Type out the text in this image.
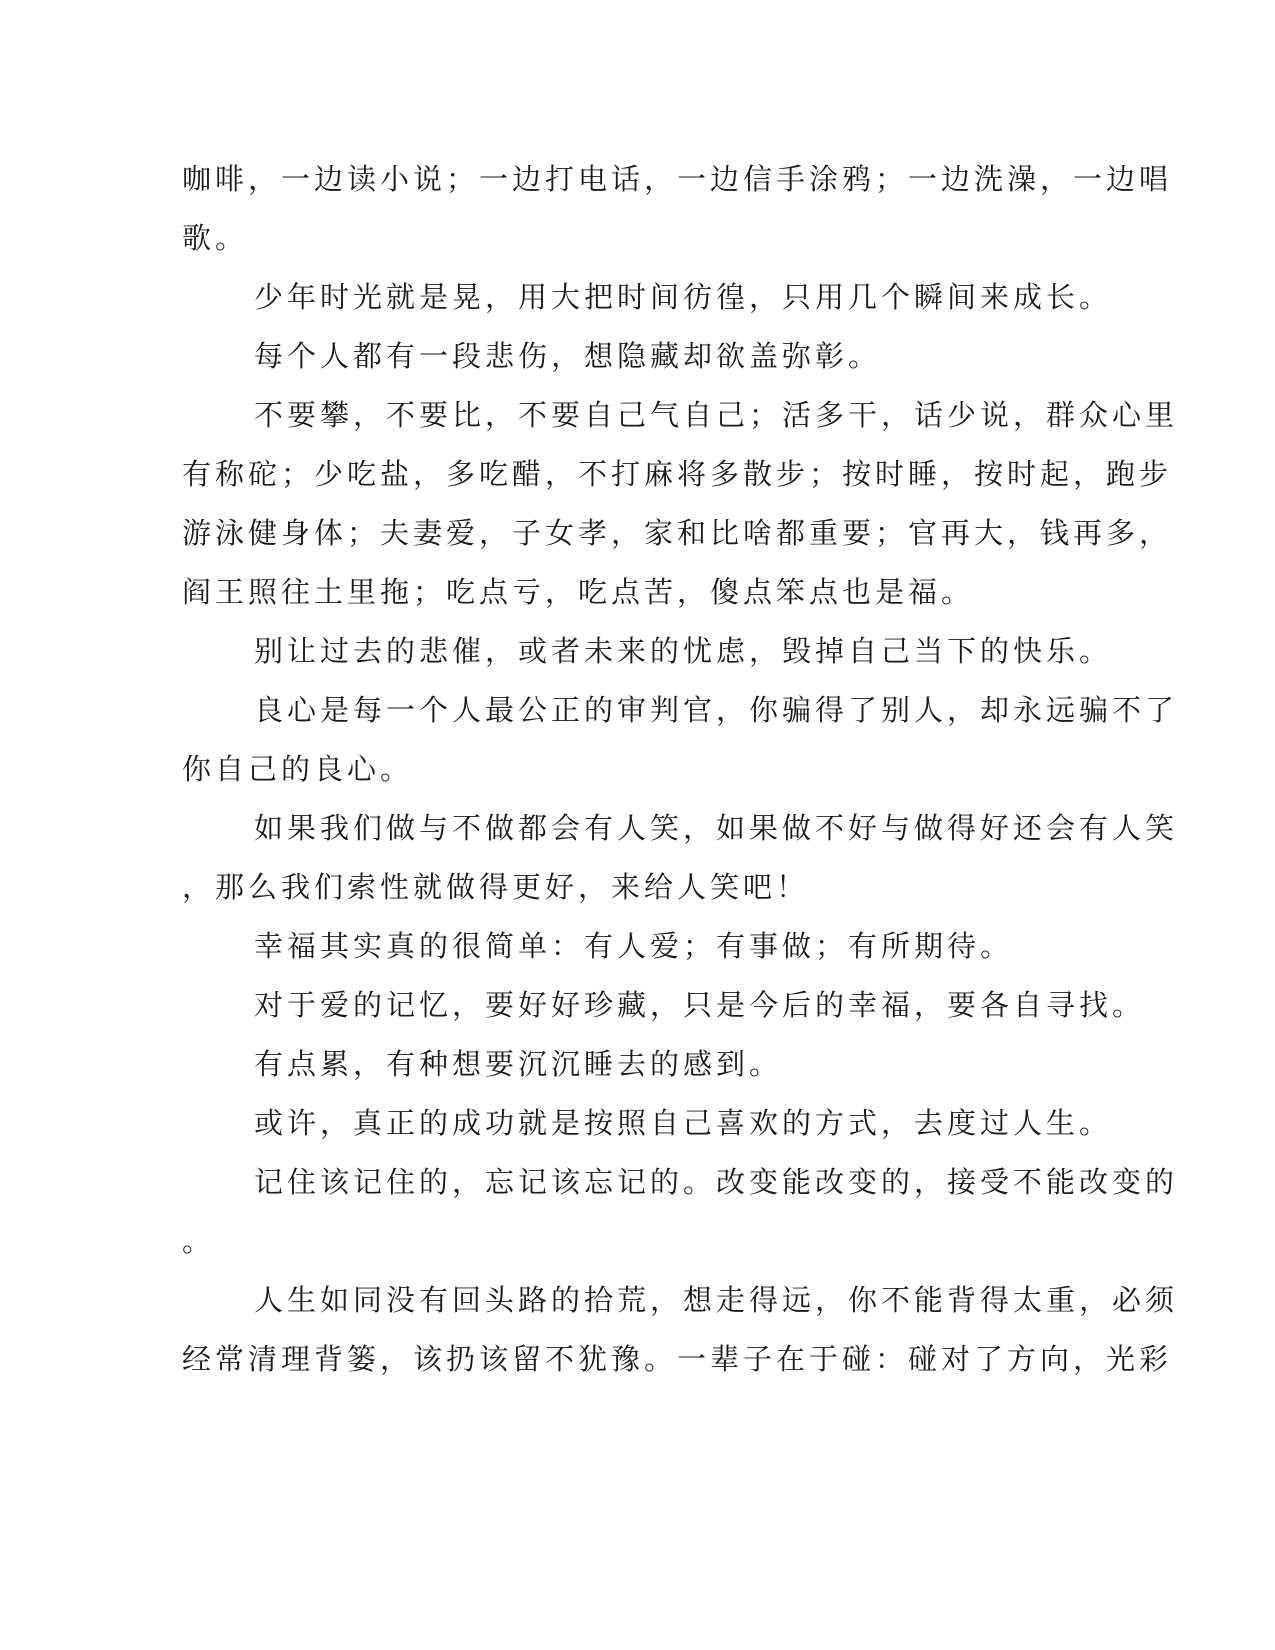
咖啡，一边读小说；一边打电话，一边信手涂鸦；一边洗澡，一边唱
歌。

少年时光就是晃，用大把时间彷徨，只用几个瞬间来成长。

每个人都有一段悲伤，想隐藏却欲盖弥彰。

不要攀，不要比，不要自己气自己；活多干，话少说，群众心里
有称砣；少吃盐，多吃醋，不打麻将多散步；按时睡，按时起，跑步
游泳健身体；夫妻爱，子女孝，家和比啥都重要；官再大，钱再多，
阎王照往土里拖；吃点亏，吃点苦，傻点笨点也是福。

别让过去的悲催，或者未来的忧虑，毁掉自己当下的快乐。

良心是每一个人最公正的审判官，你骗得了别人，却永远骗不了
你自己的良心。

如果我们做与不做都会有人笑，如果做不好与做得好还会有人笑
，那么我们索性就做得更好，来给人笑吧！

幸福其实真的很简单：有人爱；有事做；有所期待。

对于爱的记忆，要好好珍藏，只是今后的幸福，要各自寻找。

有点累，有种想要沉沉睡去的感到。

或许，真正的成功就是按照自己喜欢的方式，去度过人生。

记住该记住的，忘记该忘记的。改变能改变的，接受不能改变的
。

人生如同没有回头路的拾荒，想走得远，你不能背得太重，必须
经常清理背篓，该扔该留不犹豫。一辈子在于碰：碰对了方向，光彩
